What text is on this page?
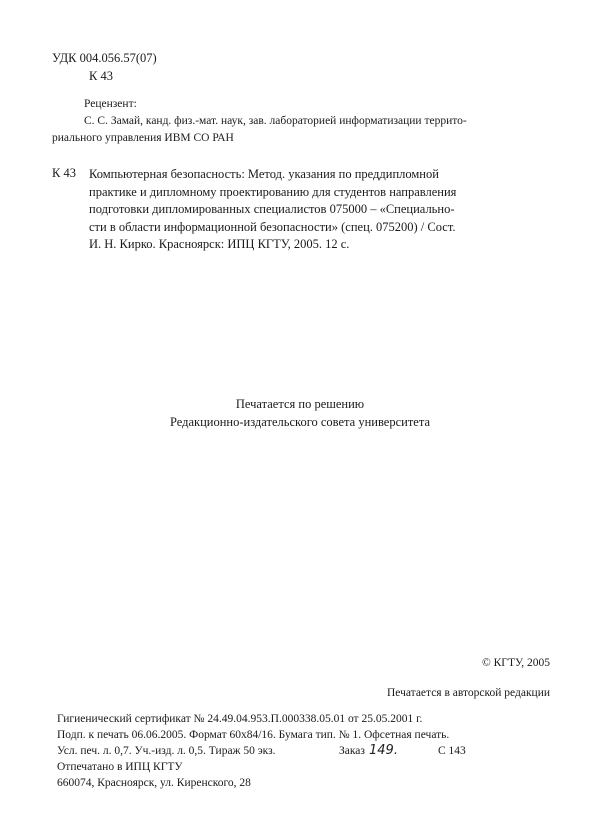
УДК 004.056.57(07)
К 43
Рецензент:
С. С. Замай, канд. физ.-мат. наук, зав. лабораторией информатизации террито-
риального управления ИВМ СО РАН
К 43 Компьютерная безопасность: Метод. указания по преддипломной
практике и дипломному проектированию для студентов направления
подготовки дипломированных специалистов 075000 – «Специально-
сти в области информационной безопасности» (спец. 075200) / Сост.
И. Н. Кирко. Красноярск: ИПЦ КГТУ, 2005. 12 с.
Печатается по решению
Редакционно-издательского совета университета
© КГТУ, 2005
Печатается в авторской редакции
Гигиенический сертификат № 24.49.04.953.П.000338.05.01 от 25.05.2001 г.
Подп. к печать 06.06.2005. Формат 60х84/16. Бумага тип. № 1. Офсетная печать.
Усл. печ. л. 0,7. Уч.-изд. л. 0,5. Тираж 50 экз.	Заказ 149.	С 143
Отпечатано в ИПЦ КГТУ
660074, Красноярск, ул. Киренского, 28
